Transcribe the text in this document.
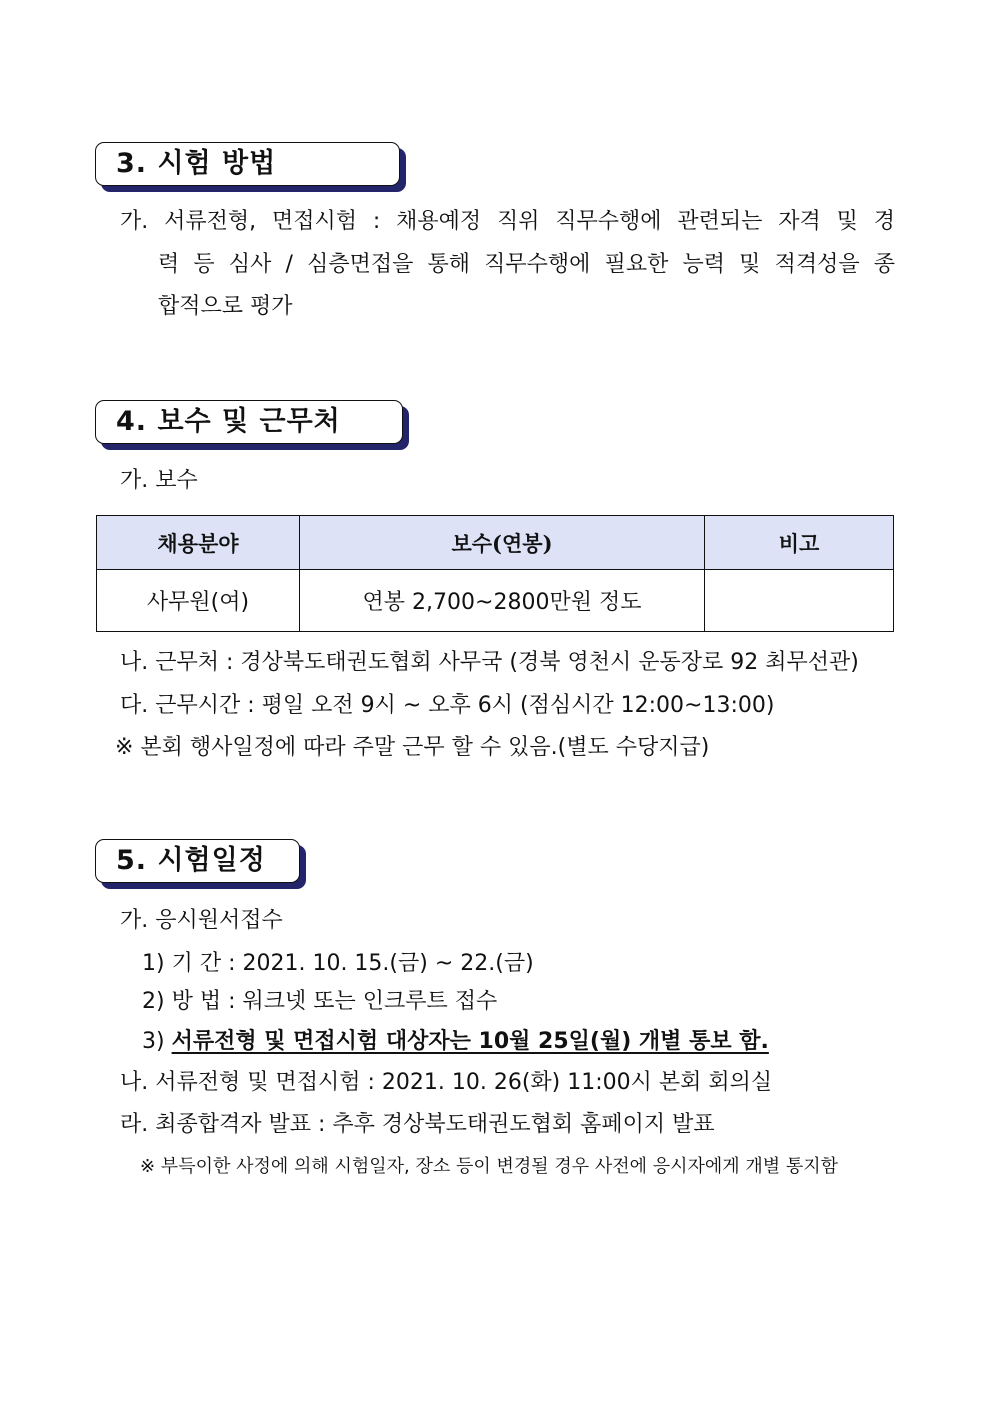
3. 시험 방법
가. 서류전형, 면접시험 : 채용예정 직위 직무수행에 관련되는 자격 및 경
력 등 심사 / 심층면접을 통해 직무수행에 필요한 능력 및 적격성을 종
합적으로 평가
4. 보수 및 근무처
가. 보수
채용분야	보수(연봉)	비고
사무원(여)	연봉 2,700~2800만원 정도	
나. 근무처 : 경상북도태권도협회 사무국 (경북 영천시 운동장로 92 최무선관)
다. 근무시간 : 평일 오전 9시 ~ 오후 6시 (점심시간 12:00~13:00)
※ 본회 행사일정에 따라 주말 근무 할 수 있음.(별도 수당지급)
5. 시험일정
가. 응시원서접수
1) 기 간 : 2021. 10. 15.(금) ~ 22.(금)
2) 방 법 : 워크넷 또는 인크루트 접수
3) 서류전형 및 면접시험 대상자는 10월 25일(월) 개별 통보 함.
나. 서류전형 및 면접시험 : 2021. 10. 26(화) 11:00시 본회 회의실
라. 최종합격자 발표 : 추후 경상북도태권도협회 홈페이지 발표
※ 부득이한 사정에 의해 시험일자, 장소 등이 변경될 경우 사전에 응시자에게 개별 통지함
